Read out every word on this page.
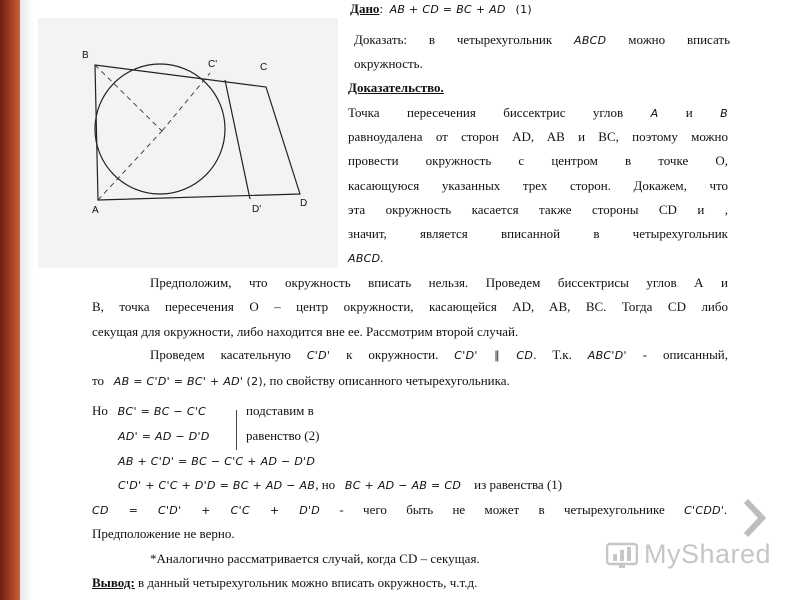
B
A
C'	C
D'
D
Дано:  AB + CD = BC + AD (1)
Доказать: в четырехугольник ABCD можно вписать
окружность.
Доказательство.
Точка пересечения биссектрис углов A и B
равноудалена от сторон AD, AB и BC, поэтому можно
провести окружность с центром в точке O,
касающуюся указанных трех сторон. Докажем, что
эта окружность касается также стороны CD и ,
значит, является вписанной в четырехугольник
ABCD.
Предположим, что окружность вписать нельзя. Проведем биссектрисы углов А и
В, точка пересечения O – центр окружности, касающейся AD, AB, BC. Тогда CD либо
секущая для окружности, либо находится вне ее. Рассмотрим второй случай.
Проведем касательную C'D' к окружности. C'D' ∥ CD. Т.к. ABC'D' - описанный,
то AB = C'D' = BC' + AD' (2), по свойству описанного четырехугольника.
Но BC' = BC − C'C	подставим в
AD' = AD − D'D	равенство (2)
AB + C'D' = BC − C'C + AD − D'D
C'D' + C'C + D'D = BC + AD − AB, но BC + AD − AB = CD из равенства (1)
CD = C'D' + C'C + D'D - чего быть не может в четырехугольнике C'CDD'.
Предположение не верно.
*Аналогично рассматривается случай, когда CD – секущая.
Вывод: в данный четырехугольник можно вписать окружность, ч.т.д.
MyShared
